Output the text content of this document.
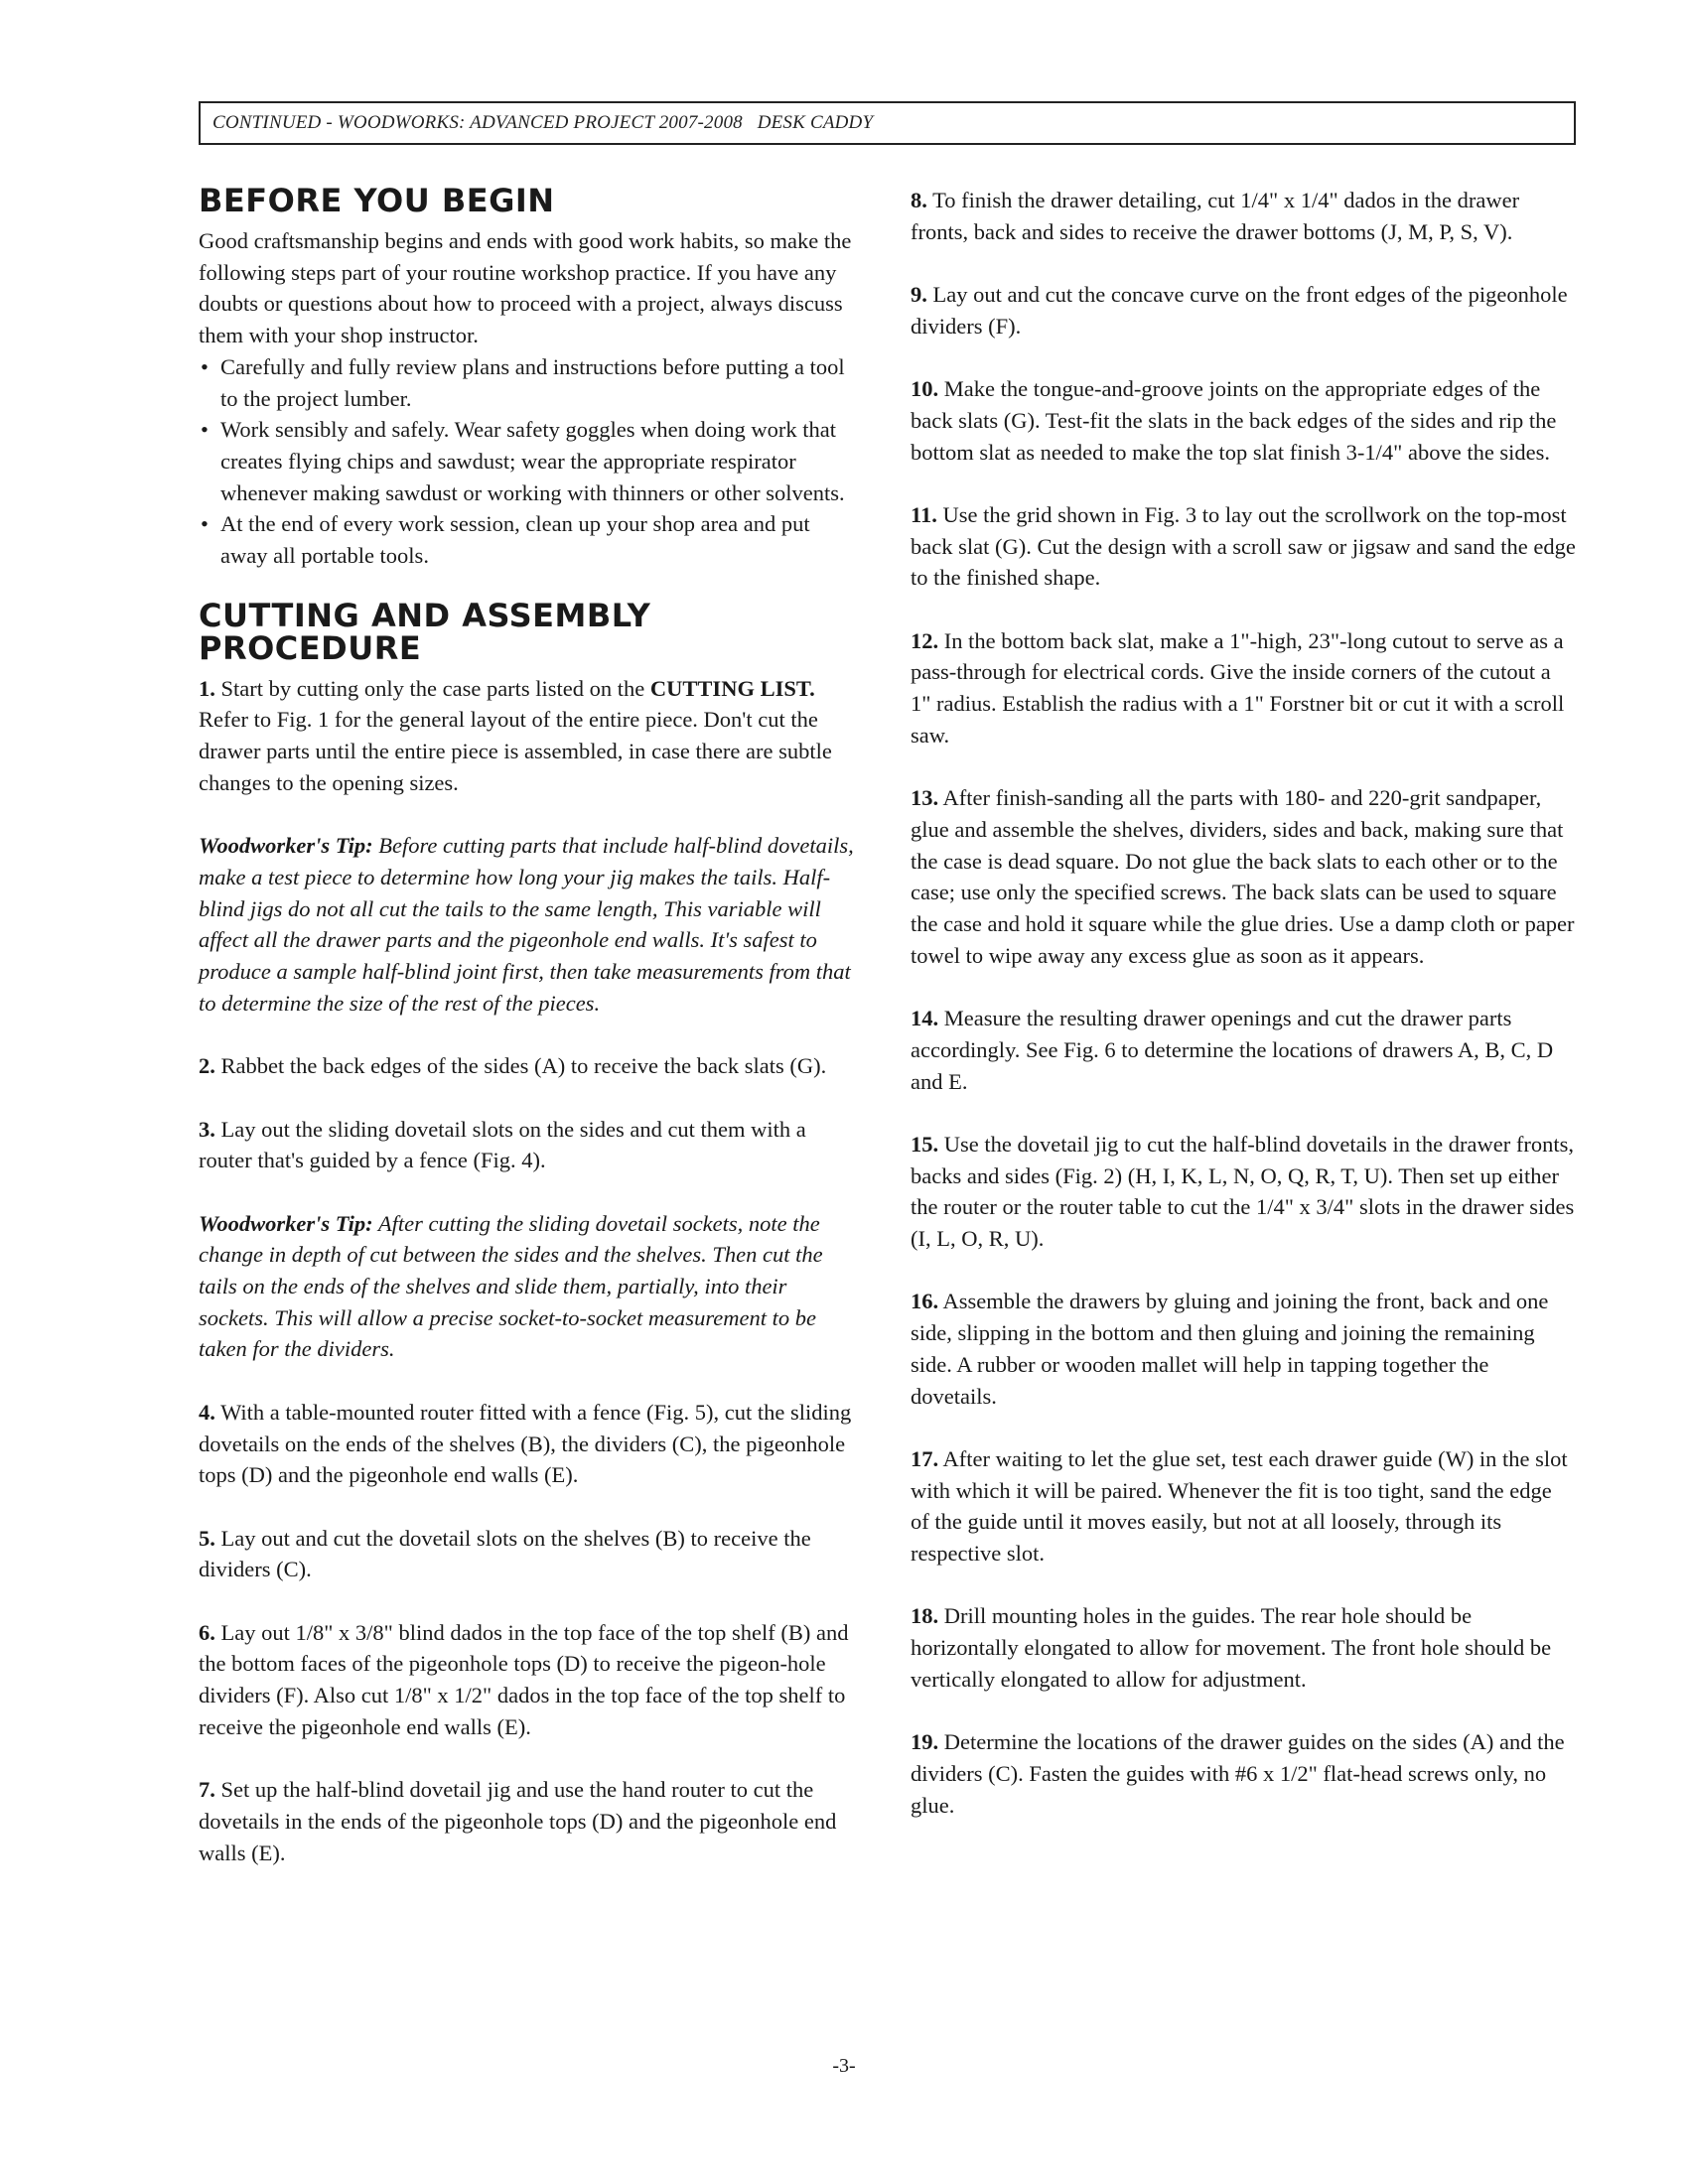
CONTINUED - WOODWORKS: ADVANCED PROJECT 2007-2008   DESK CADDY
BEFORE YOU BEGIN

Good craftsmanship begins and ends with good work habits, so make the following steps part of your routine workshop practice. If you have any doubts or questions about how to proceed with a project, always discuss them with your shop instructor.

• Carefully and fully review plans and instructions before putting a tool to the project lumber.
• Work sensibly and safely. Wear safety goggles when doing work that creates flying chips and sawdust; wear the appropriate respirator whenever making sawdust or working with thinners or other solvents.
• At the end of every work session, clean up your shop area and put away all portable tools.
CUTTING AND ASSEMBLY
PROCEDURE

1. Start by cutting only the case parts listed on the CUTTING LIST. Refer to Fig. 1 for the general layout of the entire piece. Don't cut the drawer parts until the entire piece is assembled, in case there are subtle changes to the opening sizes.

Woodworker's Tip: Before cutting parts that include half-blind dovetails, make a test piece to determine how long your jig makes the tails. Half-blind jigs do not all cut the tails to the same length, This variable will affect all the drawer parts and the pigeonhole end walls. It's safest to produce a sample half-blind joint first, then take measurements from that to determine the size of the rest of the pieces.

2. Rabbet the back edges of the sides (A) to receive the back slats (G).

3. Lay out the sliding dovetail slots on the sides and cut them with a router that's guided by a fence (Fig. 4).

Woodworker's Tip: After cutting the sliding dovetail sockets, note the change in depth of cut between the sides and the shelves. Then cut the tails on the ends of the shelves and slide them, partially, into their sockets. This will allow a precise socket-to-socket measurement to be taken for the dividers.

4. With a table-mounted router fitted with a fence (Fig. 5), cut the sliding dovetails on the ends of the shelves (B), the dividers (C), the pigeonhole tops (D) and the pigeonhole end walls (E).

5. Lay out and cut the dovetail slots on the shelves (B) to receive the dividers (C).

6. Lay out 1/8" x 3/8" blind dados in the top face of the top shelf (B) and the bottom faces of the pigeonhole tops (D) to receive the pigeon-hole dividers (F). Also cut 1/8" x 1/2" dados in the top face of the top shelf to receive the pigeonhole end walls (E).

7. Set up the half-blind dovetail jig and use the hand router to cut the dovetails in the ends of the pigeonhole tops (D) and the pigeonhole end walls (E).

8. To finish the drawer detailing, cut 1/4" x 1/4" dados in the drawer fronts, back and sides to receive the drawer bottoms (J, M, P, S, V).

9. Lay out and cut the concave curve on the front edges of the pigeonhole dividers (F).

10. Make the tongue-and-groove joints on the appropriate edges of the back slats (G). Test-fit the slats in the back edges of the sides and rip the bottom slat as needed to make the top slat finish 3-1/4" above the sides.

11. Use the grid shown in Fig. 3 to lay out the scrollwork on the top-most back slat (G). Cut the design with a scroll saw or jigsaw and sand the edge to the finished shape.

12. In the bottom back slat, make a 1"-high, 23"-long cutout to serve as a pass-through for electrical cords. Give the inside corners of the cutout a 1" radius. Establish the radius with a 1" Forstner bit or cut it with a scroll saw.

13. After finish-sanding all the parts with 180- and 220-grit sandpaper, glue and assemble the shelves, dividers, sides and back, making sure that the case is dead square. Do not glue the back slats to each other or to the case; use only the specified screws. The back slats can be used to square the case and hold it square while the glue dries. Use a damp cloth or paper towel to wipe away any excess glue as soon as it appears.

14. Measure the resulting drawer openings and cut the drawer parts accordingly. See Fig. 6 to determine the locations of drawers A, B, C, D and E.

15. Use the dovetail jig to cut the half-blind dovetails in the drawer fronts, backs and sides (Fig. 2) (H, I, K, L, N, O, Q, R, T, U). Then set up either the router or the router table to cut the 1/4" x 3/4" slots in the drawer sides (I, L, O, R, U).

16. Assemble the drawers by gluing and joining the front, back and one side, slipping in the bottom and then gluing and joining the remaining side. A rubber or wooden mallet will help in tapping together the dovetails.

17. After waiting to let the glue set, test each drawer guide (W) in the slot with which it will be paired. Whenever the fit is too tight, sand the edge of the guide until it moves easily, but not at all loosely, through its respective slot.

18. Drill mounting holes in the guides. The rear hole should be horizontally elongated to allow for movement. The front hole should be vertically elongated to allow for adjustment.

19. Determine the locations of the drawer guides on the sides (A) and the dividers (C). Fasten the guides with #6 x 1/2" flat-head screws only, no glue.

-3-
